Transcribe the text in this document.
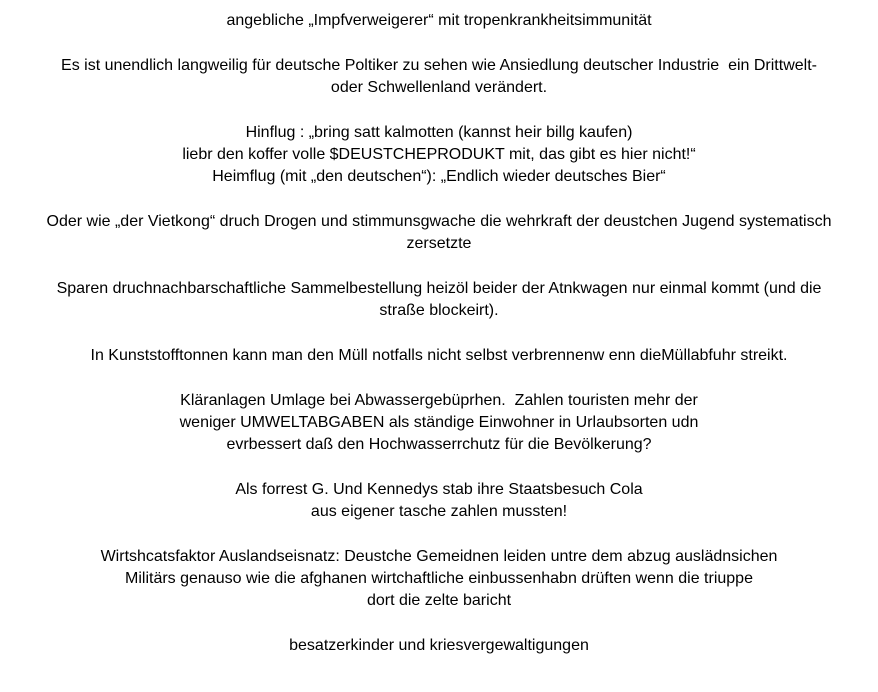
angebliche „Impfverweigerer“ mit tropenkrankheitsimmunität
Es ist unendlich langweilig für deutsche Poltiker zu sehen wie Ansiedlung deutscher Industrie  ein Drittwelt-
oder Schwellenland verändert.
Hinflug : „bring satt kalmotten (kannst heir billg kaufen)
liebr den koffer volle $DEUSTCHEPRODUKT mit, das gibt es hier nicht!“
Heimflug (mit „den deutschen“): „Endlich wieder deutsches Bier“
Oder wie „der Vietkong“ druch Drogen und stimmunsgwache die wehrkraft der deustchen Jugend systematisch
zersetzte
Sparen druchnachbarschaftliche Sammelbestellung heizöl beider der Atnkwagen nur einmal kommt (und die
straße blockeirt).
In Kunststofftonnen kann man den Müll notfalls nicht selbst verbrennenw enn dieMüllabfuhr streikt.
Kläranlagen Umlage bei Abwassergebüprhen.  Zahlen touristen mehr der
weniger UMWELTABGABEN als ständige Einwohner in Urlaubsorten udn
evrbessert daß den Hochwasserrchutz für die Bevölkerung?
Als forrest G. Und Kennedys stab ihre Staatsbesuch Cola
aus eigener tasche zahlen mussten!
Wirtshcatsfaktor Auslandseisnatz: Deustche Gemeidnen leiden untre dem abzug auslädnsichen
Militärs genauso wie die afghanen wirtchaftliche einbussenhabn drüften wenn die triuppe
dort die zelte baricht
besatzerkinder und kriesvergewaltigungen
